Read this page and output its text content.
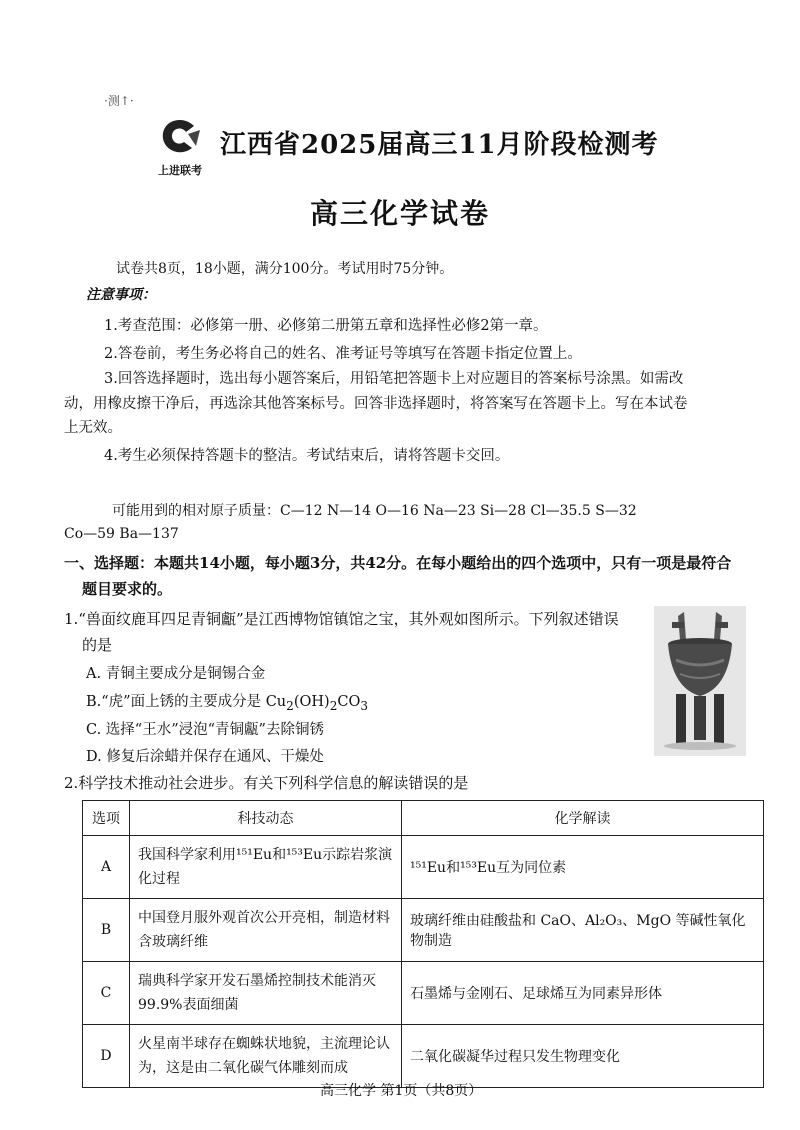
·测↑·
上进联考
江西省2025届高三11月阶段检测考
高三化学试卷
试卷共8页，18小题，满分100分。考试用时75分钟。
注意事项：
1.考查范围：必修第一册、必修第二册第五章和选择性必修2第一章。
2.答卷前，考生务必将自己的姓名、准考证号等填写在答题卡指定位置上。
3.回答选择题时，选出每小题答案后，用铅笔把答题卡上对应题目的答案标号涂黑。如需改
动，用橡皮擦干净后，再选涂其他答案标号。回答非选择题时，将答案写在答题卡上。写在本试卷
上无效。
4.考生必须保持答题卡的整洁。考试结束后，请将答题卡交回。
可能用到的相对原子质量：C—12 N—14 O—16 Na—23 Si—28 Cl—35.5 S—32
Co—59 Ba—137
一、选择题：本题共14小题，每小题3分，共42分。在每小题给出的四个选项中，只有一项是最符合
题目要求的。
1.“兽面纹鹿耳四足青铜甗”是江西博物馆镇馆之宝，其外观如图所示。下列叙述错误
的是
A. 青铜主要成分是铜锡合金
B.“虎”面上锈的主要成分是 $Cu_2(OH)_2CO_3$
C. 选择“王水”浸泡“青铜甗”去除铜锈
D. 修复后涂蜡并保存在通风、干燥处
2.科学技术推动社会进步。有关下列科学信息的解读错误的是
选项	科技动态	化学解读
A	我国科学家利用¹⁵¹Eu和¹⁵³Eu示踪岩浆演化过程	¹⁵¹Eu和¹⁵³Eu互为同位素
B	中国登月服外观首次公开亮相，制造材料含玻璃纤维	玻璃纤维由硅酸盐和 CaO、Al₂O₃、MgO 等碱性氧化物制造
C	瑞典科学家开发石墨烯控制技术能消灭99.9%表面细菌	石墨烯与金刚石、足球烯互为同素异形体
D	火星南半球存在蜘蛛状地貌，主流理论认为，这是由二氧化碳气体雕刻而成	二氧化碳凝华过程只发生物理变化
高三化学 第1页（共8页）
